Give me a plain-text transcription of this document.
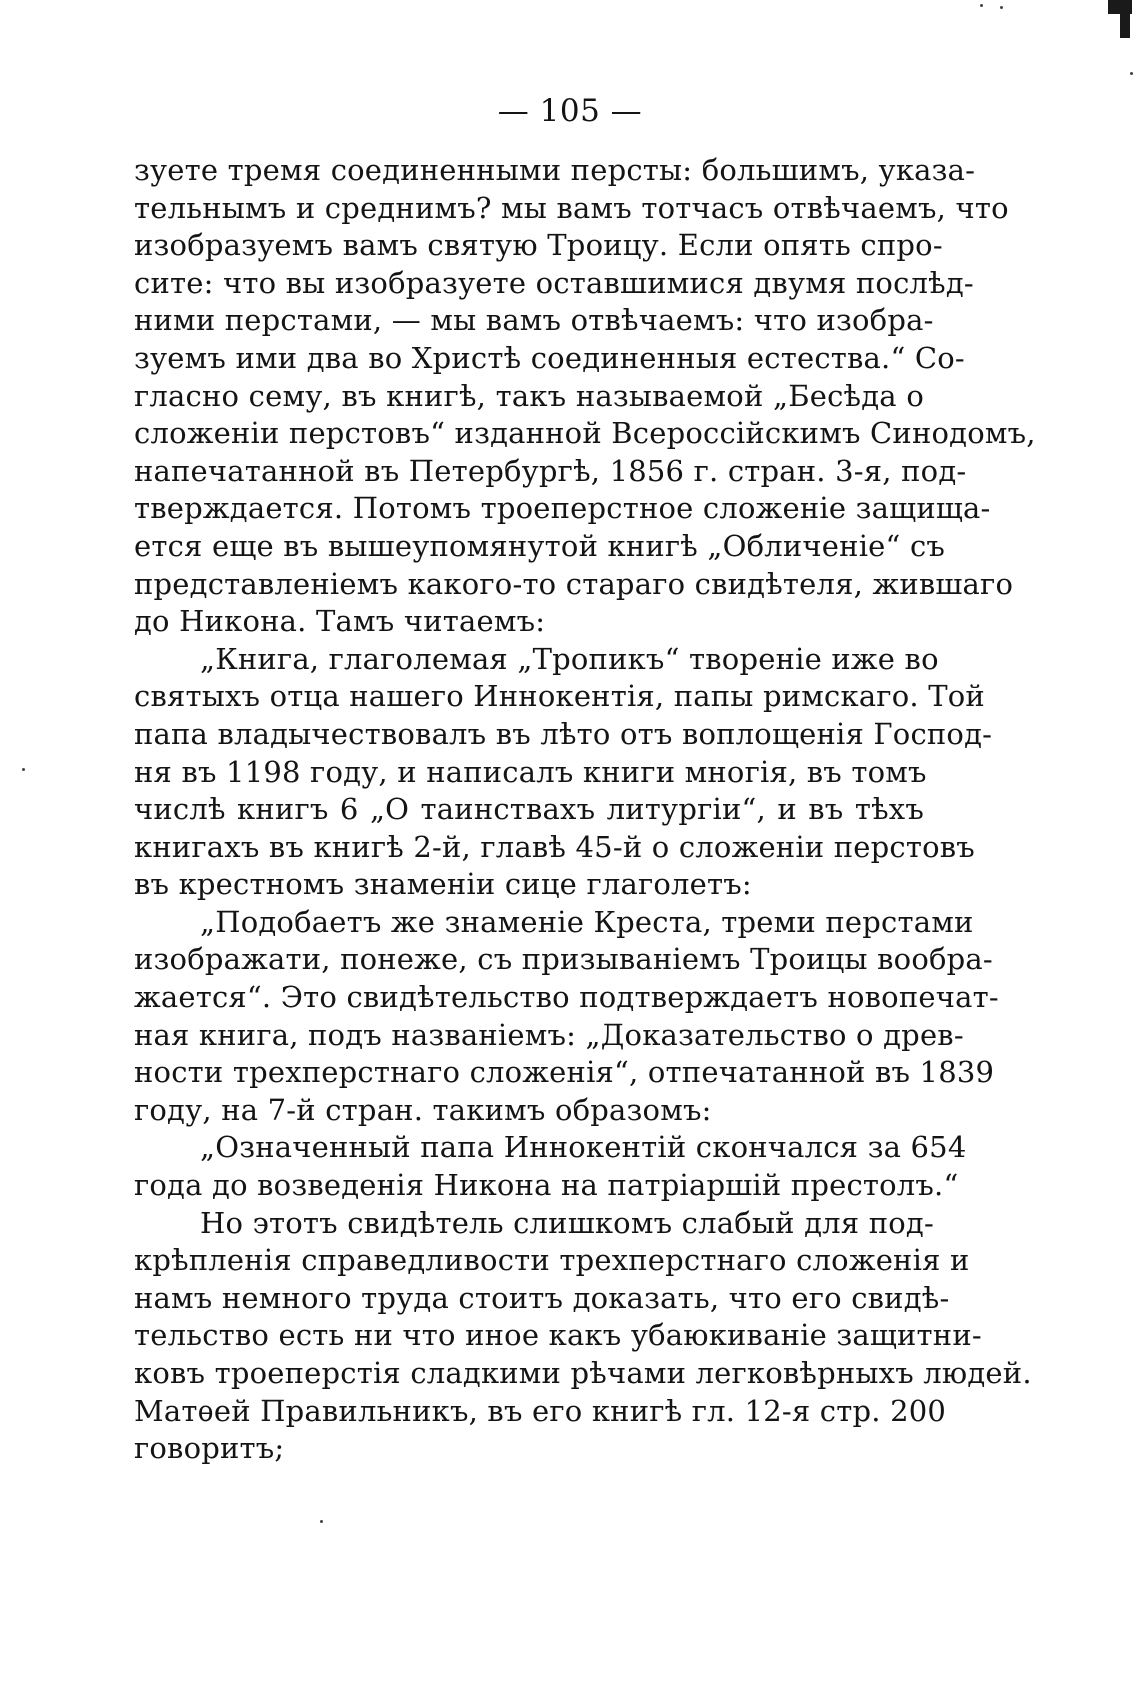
— 105 —
зуете тремя соединенными персты: большимъ, указа-
тельнымъ и среднимъ? мы вамъ тотчасъ отвѣчаемъ, что
изобразуемъ вамъ святую Троицу. Если опять спро-
сите: что вы изобразуете оставшимися двумя послѣд-
ними перстами, — мы вамъ отвѣчаемъ: что изобра-
зуемъ ими два во Христѣ соединенныя естества.“ Со-
гласно сему, въ книгѣ, такъ называемой „Бесѣда о
сложеніи перстовъ“ изданной Всероссійскимъ Синодомъ,
напечатанной въ Петербургѣ, 1856 г. стран. 3-я, под-
тверждается. Потомъ троеперстное сложеніе защища-
ется еще въ вышеупомянутой книгѣ „Обличеніе“ съ
представленіемъ какого-то стараго свидѣтеля, жившаго
до Никона. Тамъ читаемъ:
„Книга, глаголемая „Тропикъ“ твореніе иже во
святыхъ отца нашего Иннокентія, папы римскаго. Той
папа владычествовалъ въ лѣто отъ воплощенія Господ-
ня въ 1198 году, и написалъ книги многія, въ томъ
числѣ книгъ 6 „О таинствахъ литургіи“, и въ тѣхъ
книгахъ въ книгѣ 2-й, главѣ 45-й о сложеніи перстовъ
въ крестномъ знаменіи сице глаголетъ:
„Подобаетъ же знаменіе Креста, треми перстами
изображати, понеже, съ призываніемъ Троицы вообра-
жается“. Это свидѣтельство подтверждаетъ новопечат-
ная книга, подъ названіемъ: „Доказательство о древ-
ности трехперстнаго сложенія“, отпечатанной въ 1839
году, на 7-й стран. такимъ образомъ:
„Означенный папа Иннокентій скончался за 654
года до возведенія Никона на патріаршій престолъ.“
Но этотъ свидѣтель слишкомъ слабый для под-
крѣпленія справедливости трехперстнаго сложенія и
намъ немного труда стоитъ доказать, что его свидѣ-
тельство есть ни что иное какъ убаюкиваніе защитни-
ковъ троеперстія сладкими рѣчами легковѣрныхъ людей.
Матѳей Правильникъ, въ его книгѣ гл. 12-я стр. 200
говоритъ;
